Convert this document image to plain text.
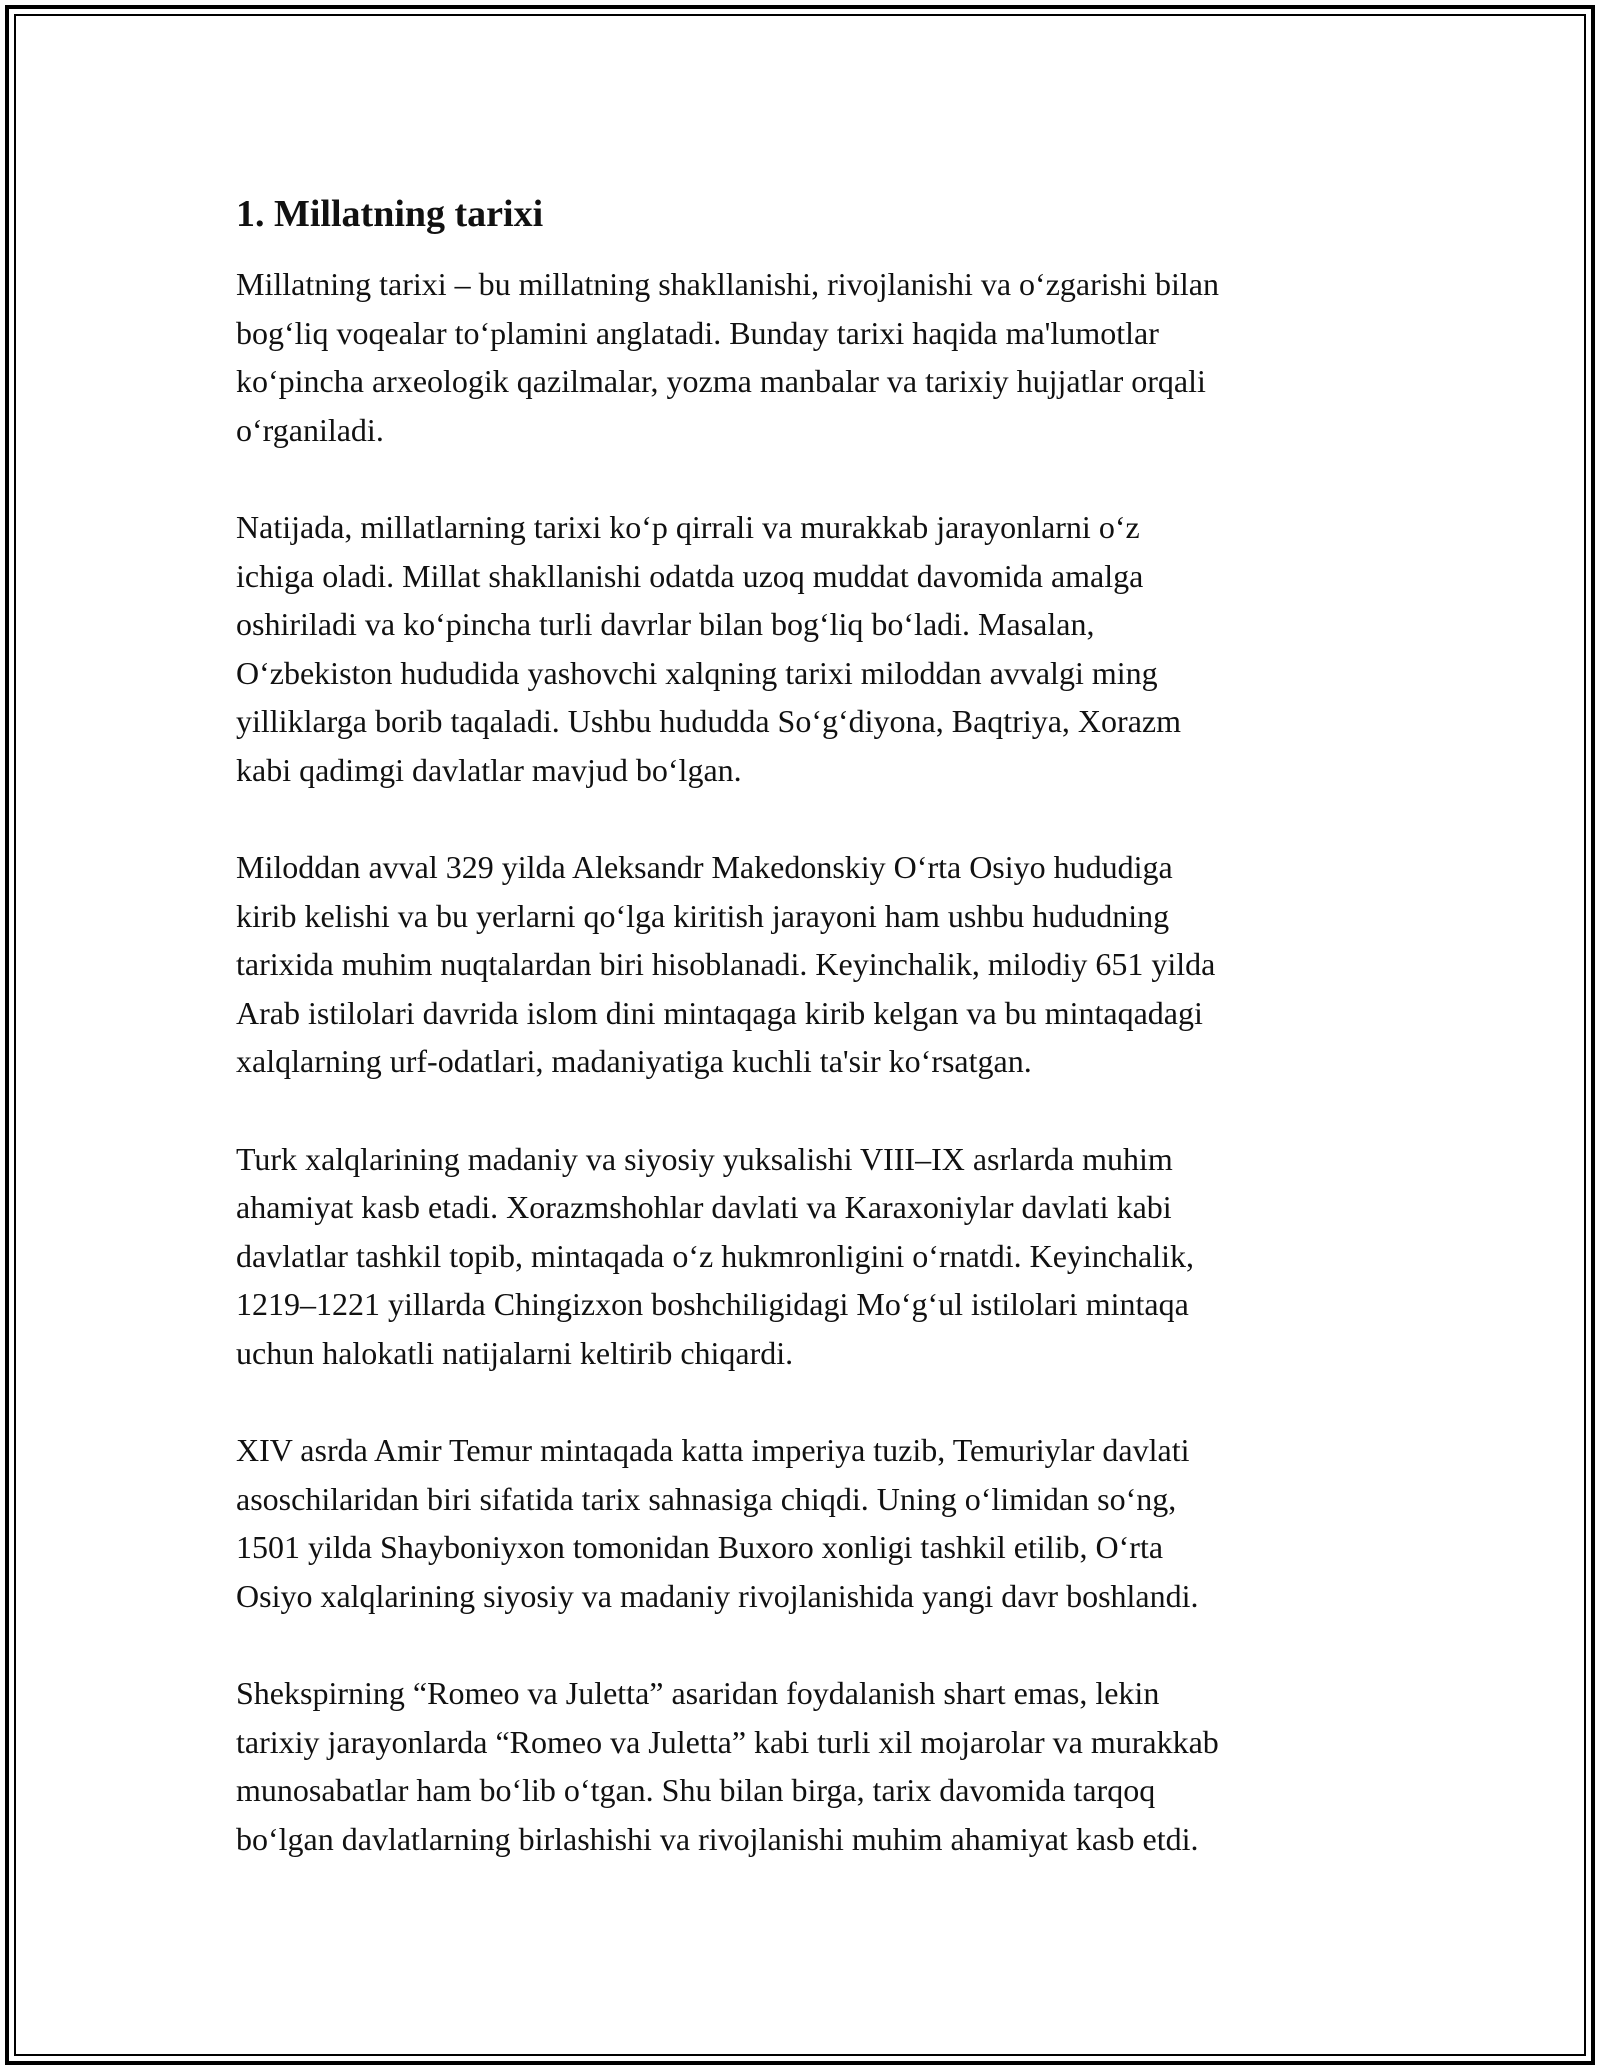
1. Millatning tarixi

Millatning tarixi – bu millatning shakllanishi, rivojlanishi va o‘zgarishi bilan
bog‘liq voqealar to‘plamini anglatadi. Bunday tarixi haqida ma'lumotlar
ko‘pincha arxeologik qazilmalar, yozma manbalar va tarixiy hujjatlar orqali
o‘rganiladi.

Natijada, millatlarning tarixi ko‘p qirrali va murakkab jarayonlarni o‘z
ichiga oladi. Millat shakllanishi odatda uzoq muddat davomida amalga
oshiriladi va ko‘pincha turli davrlar bilan bog‘liq bo‘ladi. Masalan,
O‘zbekiston hududida yashovchi xalqning tarixi miloddan avvalgi ming
yilliklarga borib taqaladi. Ushbu hududda So‘g‘diyona, Baqtriya, Xorazm
kabi qadimgi davlatlar mavjud bo‘lgan.

Miloddan avval 329 yilda Aleksandr Makedonskiy O‘rta Osiyo hududiga
kirib kelishi va bu yerlarni qo‘lga kiritish jarayoni ham ushbu hududning
tarixida muhim nuqtalardan biri hisoblanadi. Keyinchalik, milodiy 651 yilda
Arab istilolari davrida islom dini mintaqaga kirib kelgan va bu mintaqadagi
xalqlarning urf-odatlari, madaniyatiga kuchli ta'sir ko‘rsatgan.

Turk xalqlarining madaniy va siyosiy yuksalishi VIII–IX asrlarda muhim
ahamiyat kasb etadi. Xorazmshohlar davlati va Karaxoniylar davlati kabi
davlatlar tashkil topib, mintaqada o‘z hukmronligini o‘rnatdi. Keyinchalik,
1219–1221 yillarda Chingizxon boshchiligidagi Mo‘g‘ul istilolari mintaqa
uchun halokatli natijalarni keltirib chiqardi.

XIV asrda Amir Temur mintaqada katta imperiya tuzib, Temuriylar davlati
asoschilaridan biri sifatida tarix sahnasiga chiqdi. Uning o‘limidan so‘ng,
1501 yilda Shayboniyxon tomonidan Buxoro xonligi tashkil etilib, O‘rta
Osiyo xalqlarining siyosiy va madaniy rivojlanishida yangi davr boshlandi.

Shekspirning “Romeo va Juletta” asaridan foydalanish shart emas, lekin
tarixiy jarayonlarda “Romeo va Juletta” kabi turli xil mojarolar va murakkab
munosabatlar ham bo‘lib o‘tgan. Shu bilan birga, tarix davomida tarqoq
bo‘lgan davlatlarning birlashishi va rivojlanishi muhim ahamiyat kasb etdi.
